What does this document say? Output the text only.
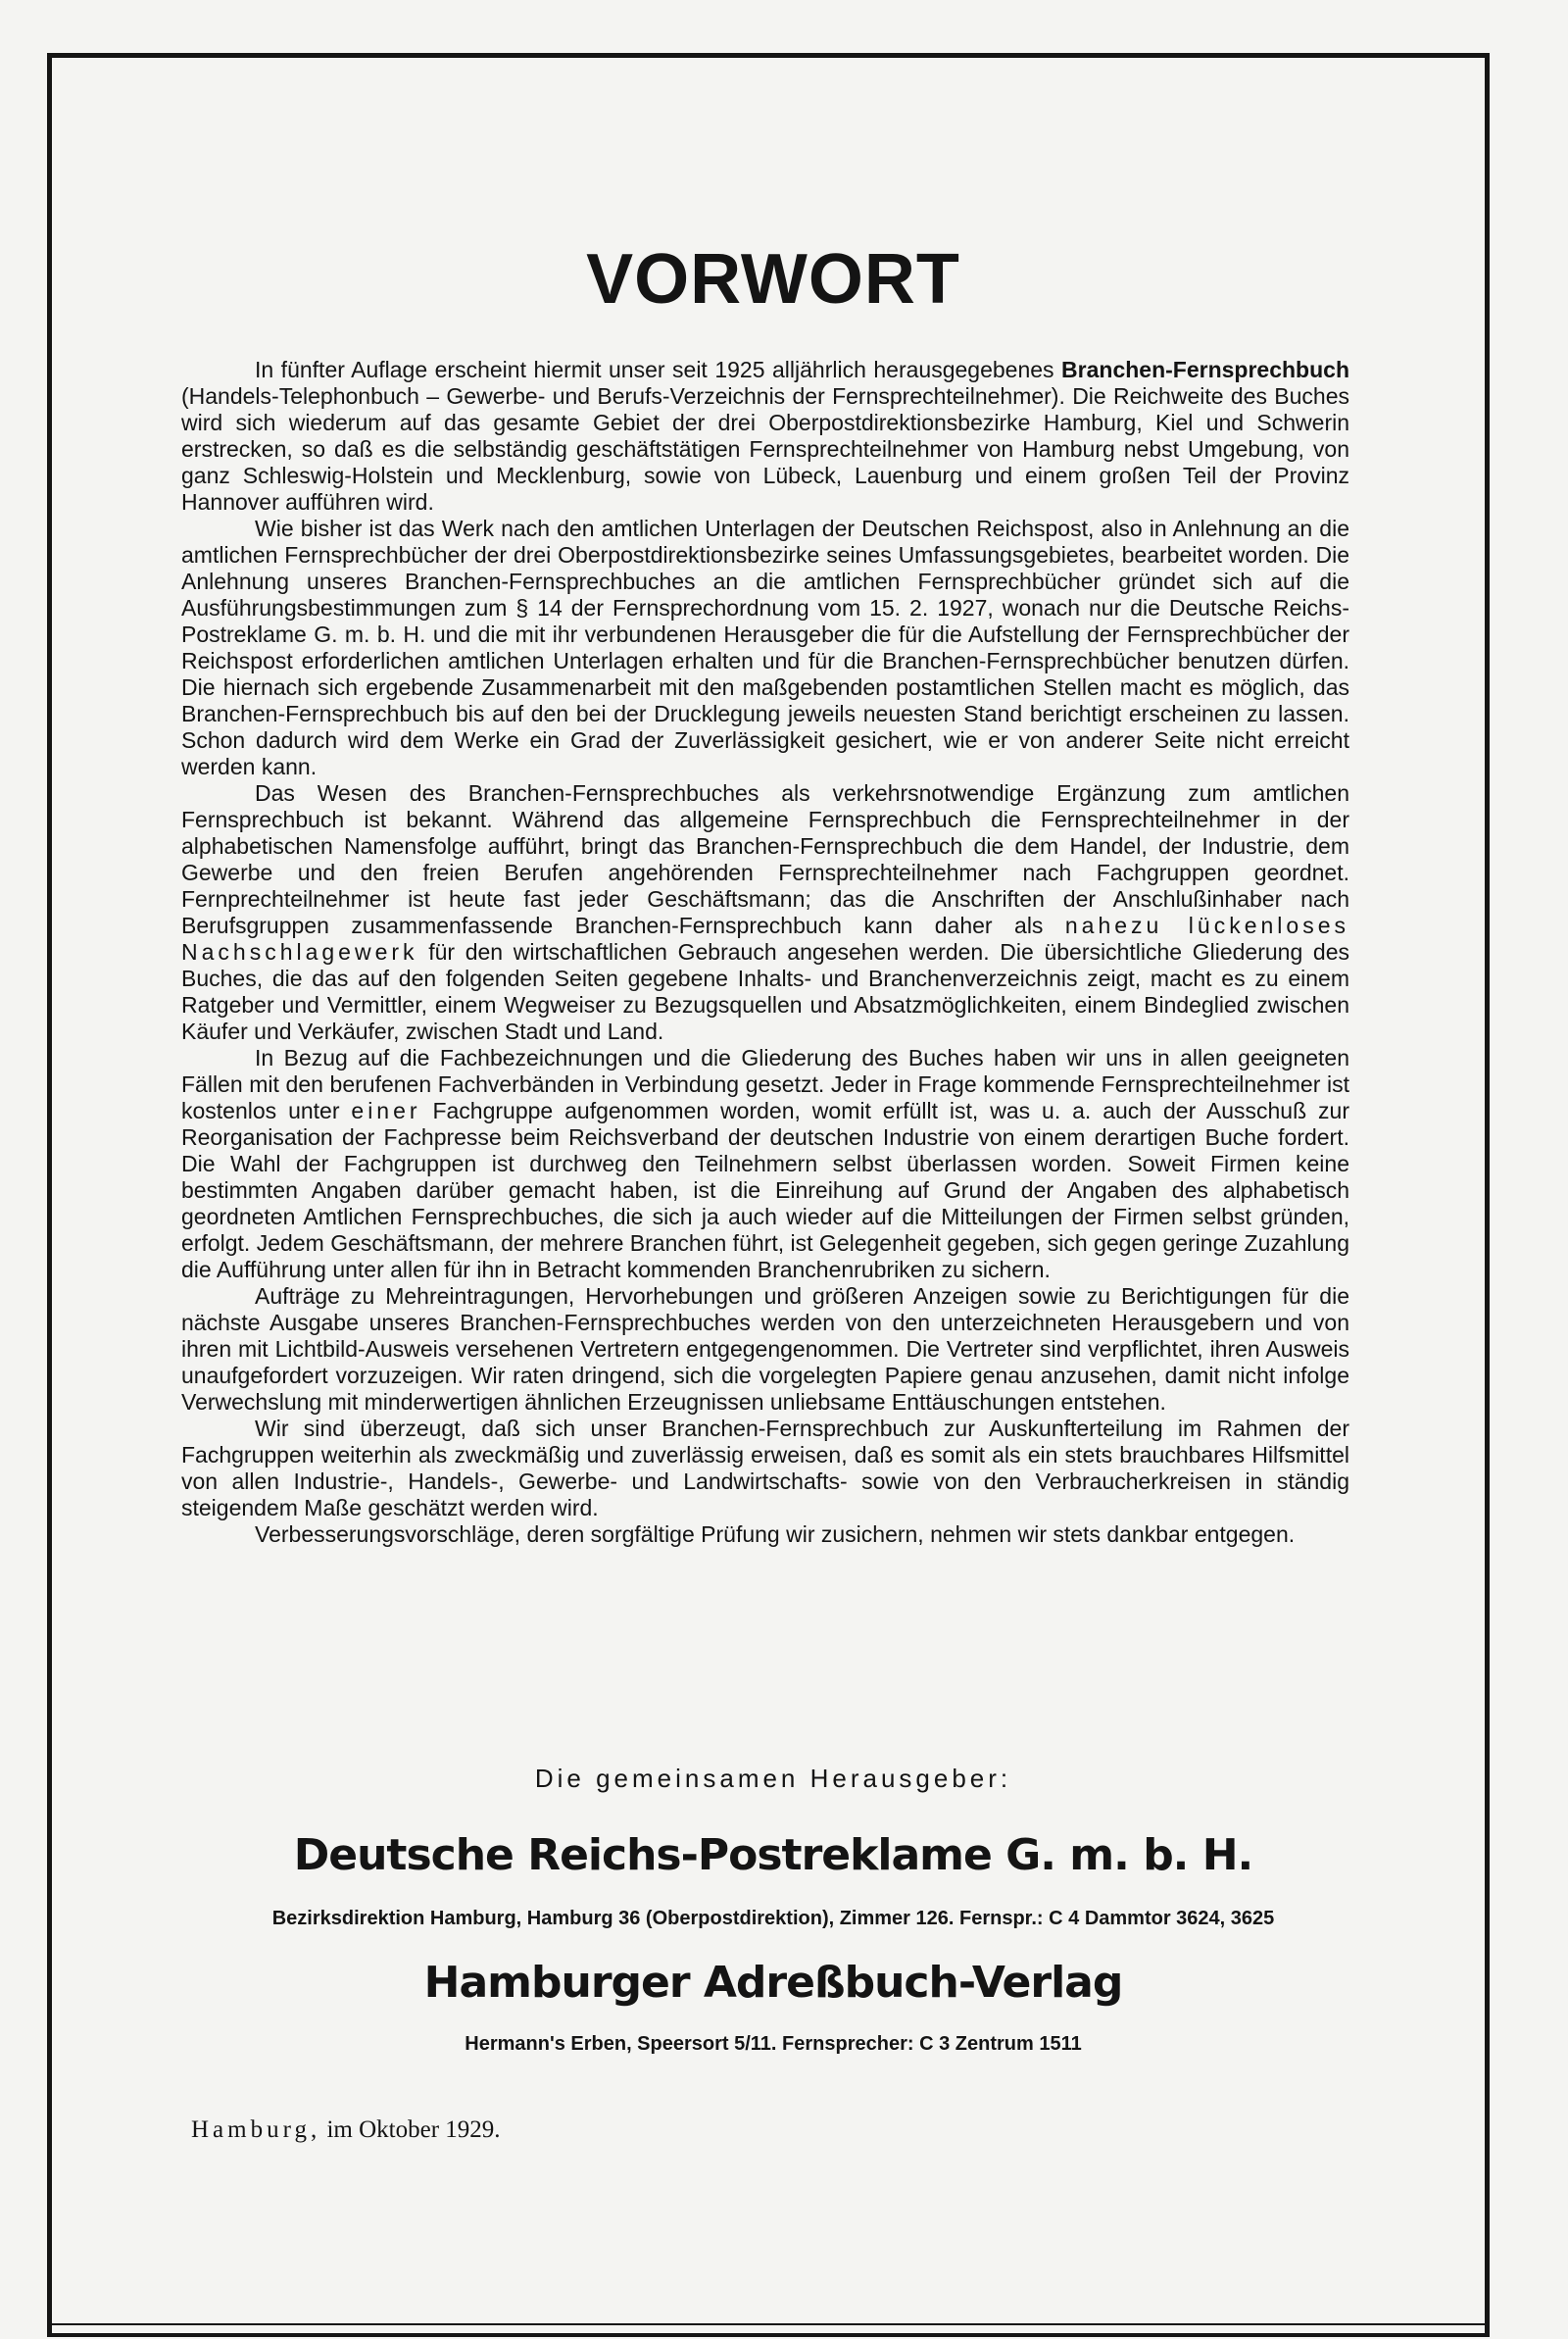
VORWORT

In fünfter Auflage erscheint hiermit unser seit 1925 alljährlich herausgegebenes Branchen-Fernsprechbuch (Handels-Telephonbuch – Gewerbe- und Berufs-Verzeichnis der Fernsprechteilnehmer). Die Reichweite des Buches wird sich wiederum auf das gesamte Gebiet der drei Oberpostdirektionsbezirke Hamburg, Kiel und Schwerin erstrecken, so daß es die selbständig geschäftstätigen Fernsprechteilnehmer von Hamburg nebst Umgebung, von ganz Schleswig-Holstein und Mecklenburg, sowie von Lübeck, Lauenburg und einem großen Teil der Provinz Hannover aufführen wird.

Wie bisher ist das Werk nach den amtlichen Unterlagen der Deutschen Reichspost, also in Anlehnung an die amtlichen Fernsprechbücher der drei Oberpostdirektionsbezirke seines Umfassungsgebietes, bearbeitet worden. Die Anlehnung unseres Branchen-Fernsprechbuches an die amtlichen Fernsprechbücher gründet sich auf die Ausführungsbestimmungen zum § 14 der Fernsprechordnung vom 15. 2. 1927, wonach nur die Deutsche Reichs-Postreklame G. m. b. H. und die mit ihr verbundenen Herausgeber die für die Aufstellung der Fernsprechbücher der Reichspost erforderlichen amtlichen Unterlagen erhalten und für die Branchen-Fernsprechbücher benutzen dürfen. Die hiernach sich ergebende Zusammenarbeit mit den maßgebenden postamtlichen Stellen macht es möglich, das Branchen-Fernsprechbuch bis auf den bei der Drucklegung jeweils neuesten Stand berichtigt erscheinen zu lassen. Schon dadurch wird dem Werke ein Grad der Zuverlässigkeit gesichert, wie er von anderer Seite nicht erreicht werden kann.

Das Wesen des Branchen-Fernsprechbuches als verkehrsnotwendige Ergänzung zum amtlichen Fernsprechbuch ist bekannt. Während das allgemeine Fernsprechbuch die Fernsprechteilnehmer in der alphabetischen Namensfolge aufführt, bringt das Branchen-Fernsprechbuch die dem Handel, der Industrie, dem Gewerbe und den freien Berufen angehörenden Fernsprechteilnehmer nach Fachgruppen geordnet. Fernprechteilnehmer ist heute fast jeder Geschäftsmann; das die Anschriften der Anschlußinhaber nach Berufsgruppen zusammenfassende Branchen-Fernsprechbuch kann daher als nahezu lückenloses Nachschlagewerk für den wirtschaftlichen Gebrauch angesehen werden. Die übersichtliche Gliederung des Buches, die das auf den folgenden Seiten gegebene Inhalts- und Branchenverzeichnis zeigt, macht es zu einem Ratgeber und Vermittler, einem Wegweiser zu Bezugsquellen und Absatzmöglichkeiten, einem Bindeglied zwischen Käufer und Verkäufer, zwischen Stadt und Land.

In Bezug auf die Fachbezeichnungen und die Gliederung des Buches haben wir uns in allen geeigneten Fällen mit den berufenen Fachverbänden in Verbindung gesetzt. Jeder in Frage kommende Fernsprechteilnehmer ist kostenlos unter einer Fachgruppe aufgenommen worden, womit erfüllt ist, was u. a. auch der Ausschuß zur Reorganisation der Fachpresse beim Reichsverband der deutschen Industrie von einem derartigen Buche fordert. Die Wahl der Fachgruppen ist durchweg den Teilnehmern selbst überlassen worden. Soweit Firmen keine bestimmten Angaben darüber gemacht haben, ist die Einreihung auf Grund der Angaben des alphabetisch geordneten Amtlichen Fernsprechbuches, die sich ja auch wieder auf die Mitteilungen der Firmen selbst gründen, erfolgt. Jedem Geschäftsmann, der mehrere Branchen führt, ist Gelegenheit gegeben, sich gegen geringe Zuzahlung die Aufführung unter allen für ihn in Betracht kommenden Branchenrubriken zu sichern.

Aufträge zu Mehreintragungen, Hervorhebungen und größeren Anzeigen sowie zu Berichtigungen für die nächste Ausgabe unseres Branchen-Fernsprechbuches werden von den unterzeichneten Herausgebern und von ihren mit Lichtbild-Ausweis versehenen Vertretern entgegengenommen. Die Vertreter sind verpflichtet, ihren Ausweis unaufgefordert vorzuzeigen. Wir raten dringend, sich die vorgelegten Papiere genau anzusehen, damit nicht infolge Verwechslung mit minderwertigen ähnlichen Erzeugnissen unliebsame Enttäuschungen entstehen.

Wir sind überzeugt, daß sich unser Branchen-Fernsprechbuch zur Auskunfterteilung im Rahmen der Fachgruppen weiterhin als zweckmäßig und zuverlässig erweisen, daß es somit als ein stets brauchbares Hilfsmittel von allen Industrie-, Handels-, Gewerbe- und Landwirtschafts- sowie von den Verbraucherkreisen in ständig steigendem Maße geschätzt werden wird.

Verbesserungsvorschläge, deren sorgfältige Prüfung wir zusichern, nehmen wir stets dankbar entgegen.

Die gemeinsamen Herausgeber:
Deutsche Reichs-Postreklame G. m. b. H.
Bezirksdirektion Hamburg, Hamburg 36 (Oberpostdirektion), Zimmer 126. Fernspr.: C 4 Dammtor 3624, 3625
Hamburger Adreßbuch-Verlag
Hermann's Erben, Speersort 5/11. Fernsprecher: C 3 Zentrum 1511
Hamburg, im Oktober 1929.
